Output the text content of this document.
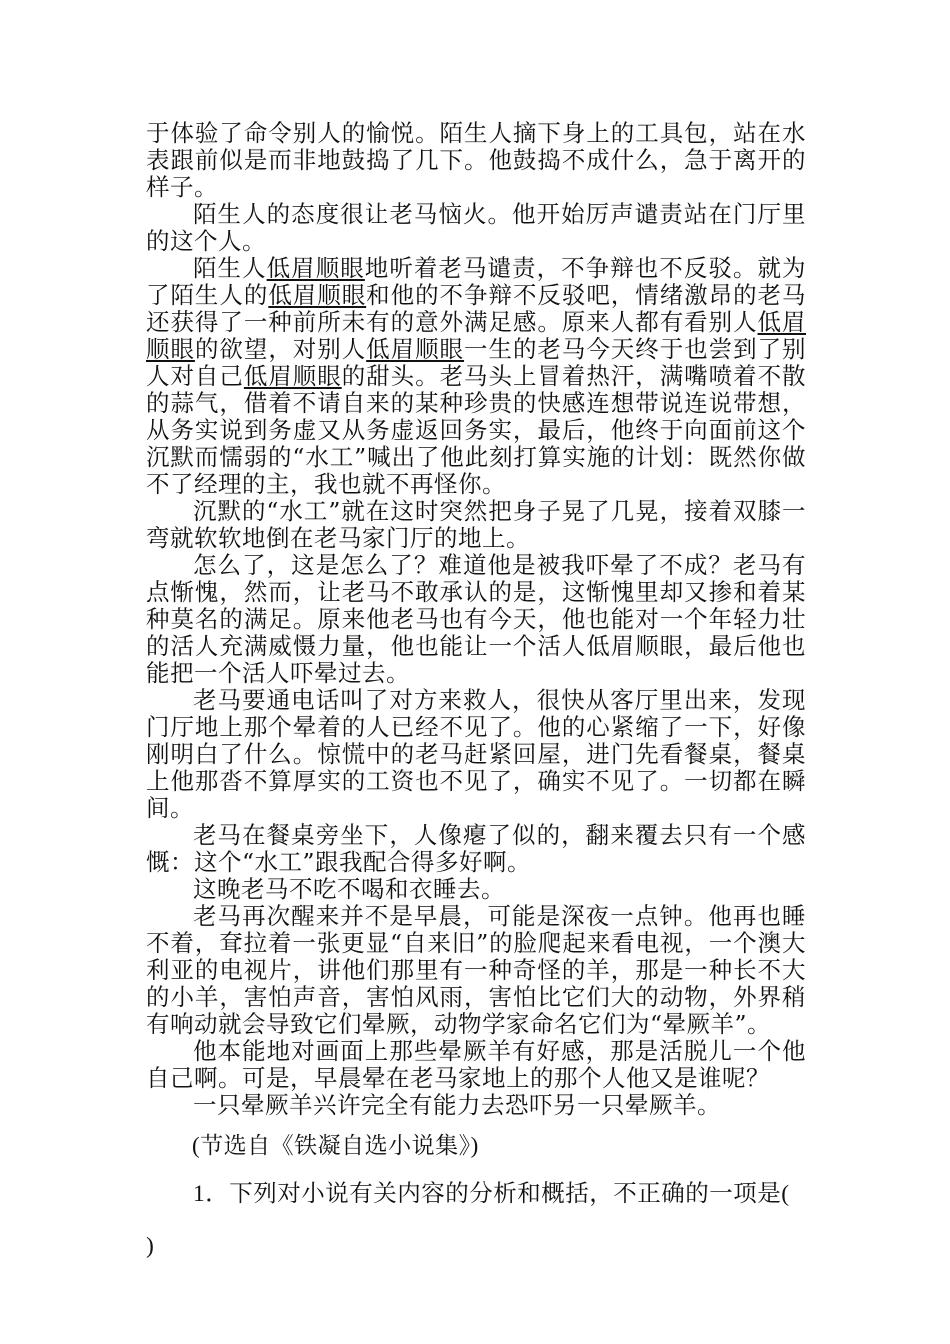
于体验了命令别人的愉悦。陌生人摘下身上的工具包，站在水表跟前似是而非地鼓捣了几下。他鼓捣不成什么，急于离开的样子。

陌生人的态度很让老马恼火。他开始厉声谴责站在门厅里的这个人。

陌生人低眉顺眼地听着老马谴责，不争辩也不反驳。就为了陌生人的低眉顺眼和他的不争辩不反驳吧，情绪激昂的老马还获得了一种前所未有的意外满足感。原来人都有看别人低眉顺眼的欲望，对别人低眉顺眼一生的老马今天终于也尝到了别人对自己低眉顺眼的甜头。老马头上冒着热汗，满嘴喷着不散的蒜气，借着不请自来的某种珍贵的快感连想带说连说带想，从务实说到务虚又从务虚返回务实，最后，他终于向面前这个沉默而懦弱的“水工”喊出了他此刻打算实施的计划：既然你做不了经理的主，我也就不再怪你。

沉默的“水工”就在这时突然把身子晃了几晃，接着双膝一弯就软软地倒在老马家门厅的地上。

怎么了，这是怎么了？难道他是被我吓晕了不成？老马有点惭愧，然而，让老马不敢承认的是，这惭愧里却又掺和着某种莫名的满足。原来他老马也有今天，他也能对一个年轻力壮的活人充满威慑力量，他也能让一个活人低眉顺眼，最后他也能把一个活人吓晕过去。

老马要通电话叫了对方来救人，很快从客厅里出来，发现门厅地上那个晕着的人已经不见了。他的心紧缩了一下，好像刚明白了什么。惊慌中的老马赶紧回屋，进门先看餐桌，餐桌上他那沓不算厚实的工资也不见了，确实不见了。一切都在瞬间。

老马在餐桌旁坐下，人像瘪了似的，翻来覆去只有一个感慨：这个“水工”跟我配合得多好啊。

这晚老马不吃不喝和衣睡去。

老马再次醒来并不是早晨，可能是深夜一点钟。他再也睡不着，耷拉着一张更显“自来旧”的脸爬起来看电视，一个澳大利亚的电视片，讲他们那里有一种奇怪的羊，那是一种长不大的小羊，害怕声音，害怕风雨，害怕比它们大的动物，外界稍有响动就会导致它们晕厥，动物学家命名它们为“晕厥羊”。

他本能地对画面上那些晕厥羊有好感，那是活脱儿一个他自己啊。可是，早晨晕在老马家地上的那个人他又是谁呢？

一只晕厥羊兴许完全有能力去恐吓另一只晕厥羊。

(节选自《铁凝自选小说集》)

1．下列对小说有关内容的分析和概括，不正确的一项是(

)
